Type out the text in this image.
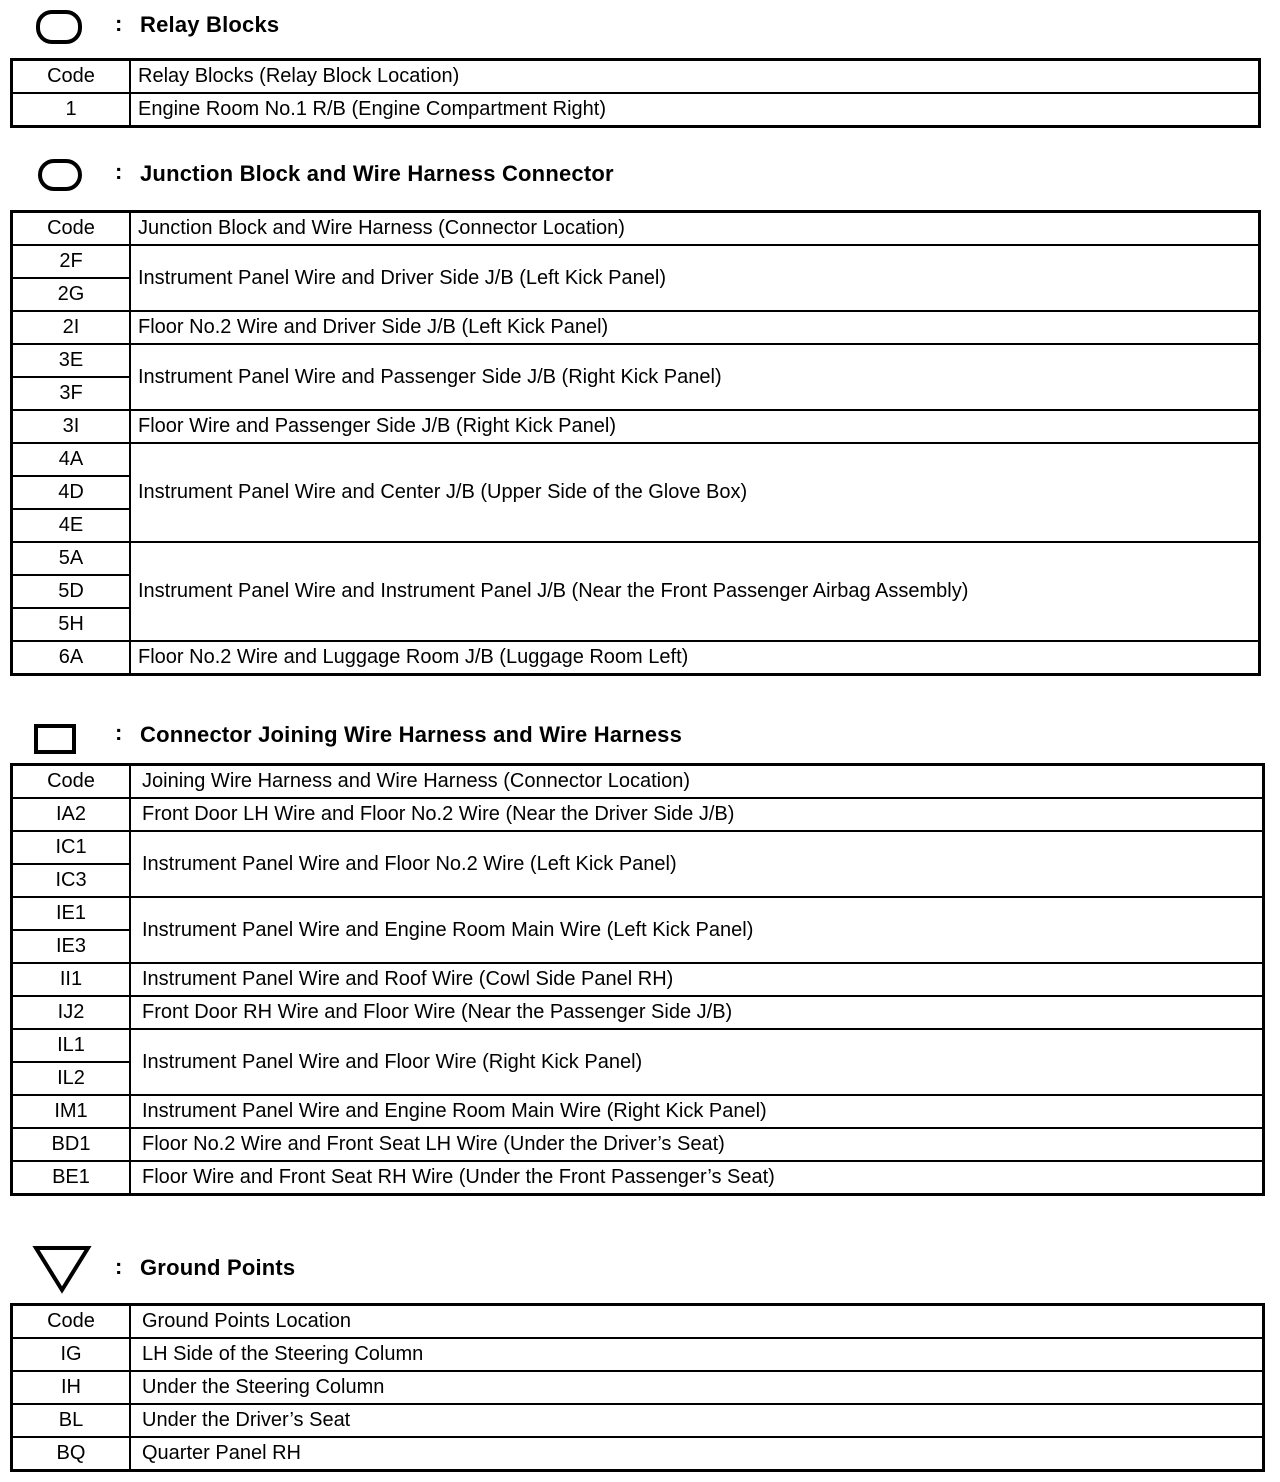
: Relay Blocks
Code	Relay Blocks (Relay Block Location)
1	Engine Room No.1 R/B (Engine Compartment Right)
: Junction Block and Wire Harness Connector
Code	Junction Block and Wire Harness (Connector Location)
2F	Instrument Panel Wire and Driver Side J/B (Left Kick Panel)
2G	
2I	Floor No.2 Wire and Driver Side J/B (Left Kick Panel)
3E	Instrument Panel Wire and Passenger Side J/B (Right Kick Panel)
3F	
3I	Floor Wire and Passenger Side J/B (Right Kick Panel)
4A	Instrument Panel Wire and Center J/B (Upper Side of the Glove Box)
4D	
4E	
5A	Instrument Panel Wire and Instrument Panel J/B (Near the Front Passenger Airbag Assembly)
5D	
5H	
6A	Floor No.2 Wire and Luggage Room J/B (Luggage Room Left)
: Connector Joining Wire Harness and Wire Harness
Code	Joining Wire Harness and Wire Harness (Connector Location)
IA2	Front Door LH Wire and Floor No.2 Wire (Near the Driver Side J/B)
IC1	Instrument Panel Wire and Floor No.2 Wire (Left Kick Panel)
IC3	
IE1	Instrument Panel Wire and Engine Room Main Wire (Left Kick Panel)
IE3	
II1	Instrument Panel Wire and Roof Wire (Cowl Side Panel RH)
IJ2	Front Door RH Wire and Floor Wire (Near the Passenger Side J/B)
IL1	Instrument Panel Wire and Floor Wire (Right Kick Panel)
IL2	
IM1	Instrument Panel Wire and Engine Room Main Wire (Right Kick Panel)
BD1	Floor No.2 Wire and Front Seat LH Wire (Under the Driver’s Seat)
BE1	Floor Wire and Front Seat RH Wire (Under the Front Passenger’s Seat)
: Ground Points
Code	Ground Points Location
IG	LH Side of the Steering Column
IH	Under the Steering Column
BL	Under the Driver’s Seat
BQ	Quarter Panel RH
